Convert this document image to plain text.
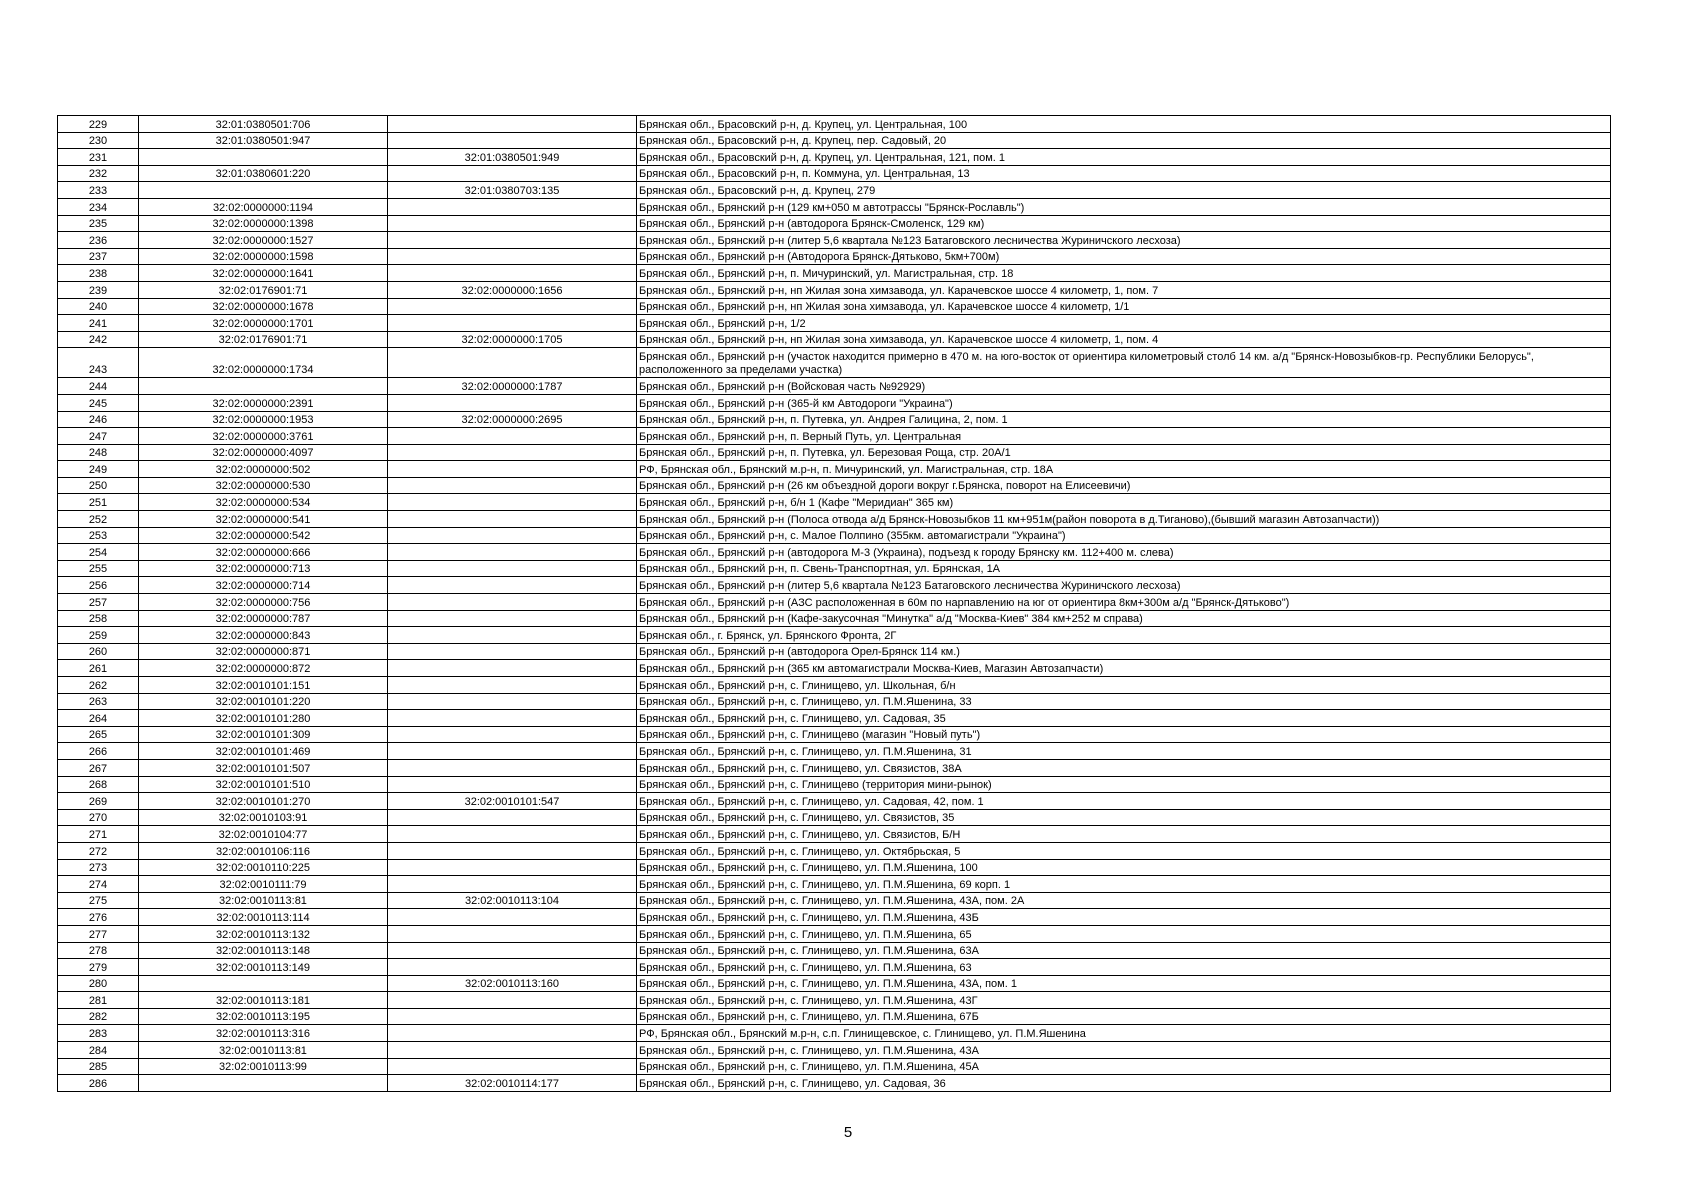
229	32:01:0380501:706		Брянская обл., Брасовский р-н, д. Крупец, ул. Центральная, 100
230	32:01:0380501:947		Брянская обл., Брасовский р-н, д. Крупец, пер. Садовый, 20
231		32:01:0380501:949	Брянская обл., Брасовский р-н, д. Крупец, ул. Центральная, 121, пом. 1
232	32:01:0380601:220		Брянская обл., Брасовский р-н, п. Коммуна, ул. Центральная, 13
233		32:01:0380703:135	Брянская обл., Брасовский р-н, д. Крупец, 279
234	32:02:0000000:1194		Брянская обл., Брянский р-н (129 км+050 м автотрассы "Брянск-Рославль")
235	32:02:0000000:1398		Брянская обл., Брянский р-н (автодорога Брянск-Смоленск, 129 км)
236	32:02:0000000:1527		Брянская обл., Брянский р-н (литер 5,6 квартала №123 Батаговского лесничества Журиничского лесхоза)
237	32:02:0000000:1598		Брянская обл., Брянский р-н (Автодорога Брянск-Дятьково, 5км+700м)
238	32:02:0000000:1641		Брянская обл., Брянский р-н, п. Мичуринский, ул. Магистральная, стр. 18
239	32:02:0176901:71	32:02:0000000:1656	Брянская обл., Брянский р-н, нп Жилая зона химзавода, ул. Карачевское шоссе 4 километр, 1, пом. 7
240	32:02:0000000:1678		Брянская обл., Брянский р-н, нп Жилая зона химзавода, ул. Карачевское шоссе 4 километр, 1/1
241	32:02:0000000:1701		Брянская обл., Брянский р-н, 1/2
242	32:02:0176901:71	32:02:0000000:1705	Брянская обл., Брянский р-н, нп Жилая зона химзавода, ул. Карачевское шоссе 4 километр, 1, пом. 4
243	32:02:0000000:1734		Брянская обл., Брянский р-н (участок находится примерно в 470 м. на юго-восток от ориентира километровый столб 14 км. а/д "Брянск-Новозыбков-гр. Республики Белорусь", расположенного за пределами участка)
244		32:02:0000000:1787	Брянская обл., Брянский р-н (Войсковая часть №92929)
245	32:02:0000000:2391		Брянская обл., Брянский р-н (365-й км Автодороги "Украина")
246	32:02:0000000:1953	32:02:0000000:2695	Брянская обл., Брянский р-н, п. Путевка, ул. Андрея Галицина, 2, пом. 1
247	32:02:0000000:3761		Брянская обл., Брянский р-н, п. Верный Путь, ул. Центральная
248	32:02:0000000:4097		Брянская обл., Брянский р-н, п. Путевка, ул. Березовая Роща, стр. 20А/1
249	32:02:0000000:502		РФ, Брянская обл., Брянский м.р-н, п. Мичуринский, ул. Магистральная, стр. 18А
250	32:02:0000000:530		Брянская обл., Брянский р-н (26 км объездной дороги вокруг г.Брянска, поворот на Елисеевичи)
251	32:02:0000000:534		Брянская обл., Брянский р-н, б/н 1 (Кафе "Меридиан" 365 км)
252	32:02:0000000:541		Брянская обл., Брянский р-н (Полоса отвода а/д Брянск-Новозыбков 11 км+951м(район поворота в д.Тиганово),(бывший магазин Автозапчасти))
253	32:02:0000000:542		Брянская обл., Брянский р-н, с. Малое Полпино (355км. автомагистрали "Украина")
254	32:02:0000000:666		Брянская обл., Брянский р-н (автодорога М-3 (Украина), подъезд к городу Брянску км. 112+400 м. слева)
255	32:02:0000000:713		Брянская обл., Брянский р-н, п. Свень-Транспортная, ул. Брянская, 1А
256	32:02:0000000:714		Брянская обл., Брянский р-н (литер 5,6 квартала №123 Батаговского лесничества Журиничского лесхоза)
257	32:02:0000000:756		Брянская обл., Брянский р-н (АЗС расположенная в 60м по нарпавлению на юг от ориентира 8км+300м а/д "Брянск-Дятьково")
258	32:02:0000000:787		Брянская обл., Брянский р-н (Кафе-закусочная "Минутка" а/д "Москва-Киев" 384 км+252 м справа)
259	32:02:0000000:843		Брянская обл., г. Брянск, ул. Брянского Фронта, 2Г
260	32:02:0000000:871		Брянская обл., Брянский р-н (автодорога Орел-Брянск 114 км.)
261	32:02:0000000:872		Брянская обл., Брянский р-н (365 км автомагистрали Москва-Киев, Магазин Автозапчасти)
262	32:02:0010101:151		Брянская обл., Брянский р-н, с. Глинищево, ул. Школьная, б/н
263	32:02:0010101:220		Брянская обл., Брянский р-н, с. Глинищево, ул. П.М.Яшенина, 33
264	32:02:0010101:280		Брянская обл., Брянский р-н, с. Глинищево, ул. Садовая, 35
265	32:02:0010101:309		Брянская обл., Брянский р-н, с. Глинищево (магазин "Новый путь")
266	32:02:0010101:469		Брянская обл., Брянский р-н, с. Глинищево, ул. П.М.Яшенина, 31
267	32:02:0010101:507		Брянская обл., Брянский р-н, с. Глинищево, ул. Связистов, 38А
268	32:02:0010101:510		Брянская обл., Брянский р-н, с. Глинищево (территория мини-рынок)
269	32:02:0010101:270	32:02:0010101:547	Брянская обл., Брянский р-н, с. Глинищево, ул. Садовая, 42, пом. 1
270	32:02:0010103:91		Брянская обл., Брянский р-н, с. Глинищево, ул. Связистов, 35
271	32:02:0010104:77		Брянская обл., Брянский р-н, с. Глинищево, ул. Связистов, Б/Н
272	32:02:0010106:116		Брянская обл., Брянский р-н, с. Глинищево, ул. Октябрьская, 5
273	32:02:0010110:225		Брянская обл., Брянский р-н, с. Глинищево, ул. П.М.Яшенина, 100
274	32:02:0010111:79		Брянская обл., Брянский р-н, с. Глинищево, ул. П.М.Яшенина, 69 корп. 1
275	32:02:0010113:81	32:02:0010113:104	Брянская обл., Брянский р-н, с. Глинищево, ул. П.М.Яшенина, 43А, пом. 2А
276	32:02:0010113:114		Брянская обл., Брянский р-н, с. Глинищево, ул. П.М.Яшенина, 43Б
277	32:02:0010113:132		Брянская обл., Брянский р-н, с. Глинищево, ул. П.М.Яшенина, 65
278	32:02:0010113:148		Брянская обл., Брянский р-н, с. Глинищево, ул. П.М.Яшенина, 63А
279	32:02:0010113:149		Брянская обл., Брянский р-н, с. Глинищево, ул. П.М.Яшенина, 63
280		32:02:0010113:160	Брянская обл., Брянский р-н, с. Глинищево, ул. П.М.Яшенина, 43А, пом. 1
281	32:02:0010113:181		Брянская обл., Брянский р-н, с. Глинищево, ул. П.М.Яшенина, 43Г
282	32:02:0010113:195		Брянская обл., Брянский р-н, с. Глинищево, ул. П.М.Яшенина, 67Б
283	32:02:0010113:316		РФ, Брянская обл., Брянский м.р-н, с.п. Глинищевское, с. Глинищево, ул. П.М.Яшенина
284	32:02:0010113:81		Брянская обл., Брянский р-н, с. Глинищево, ул. П.М.Яшенина, 43А
285	32:02:0010113:99		Брянская обл., Брянский р-н, с. Глинищево, ул. П.М.Яшенина, 45А
286		32:02:0010114:177	Брянская обл., Брянский р-н, с. Глинищево, ул. Садовая, 36
5
